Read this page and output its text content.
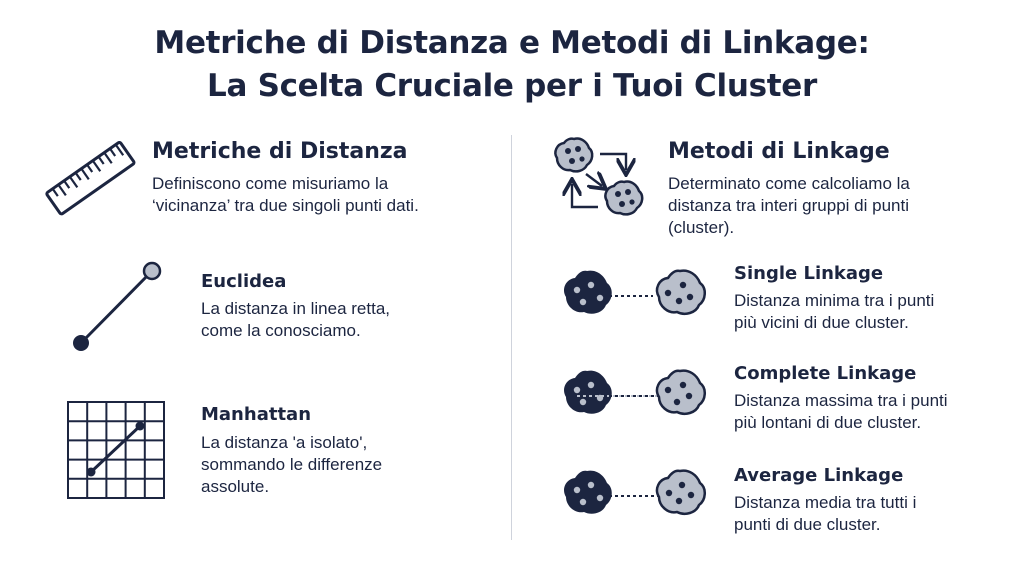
Metriche di Distanza e Metodi di Linkage:
La Scelta Cruciale per i Tuoi Cluster
Metriche di Distanza
Definiscono come misuriamo la
‘vicinanza’ tra due singoli punti dati.
Euclidea
La distanza in linea retta,
come la conosciamo.
Manhattan
La distanza 'a isolato',
sommando le differenze
assolute.
Metodi di Linkage
Determinato come calcoliamo la
distanza tra interi gruppi di punti
(cluster).
Single Linkage
Distanza minima tra i punti
più vicini di due cluster.
Complete Linkage
Distanza massima tra i punti
più lontani di due cluster.
Average Linkage
Distanza media tra tutti i
punti di due cluster.
